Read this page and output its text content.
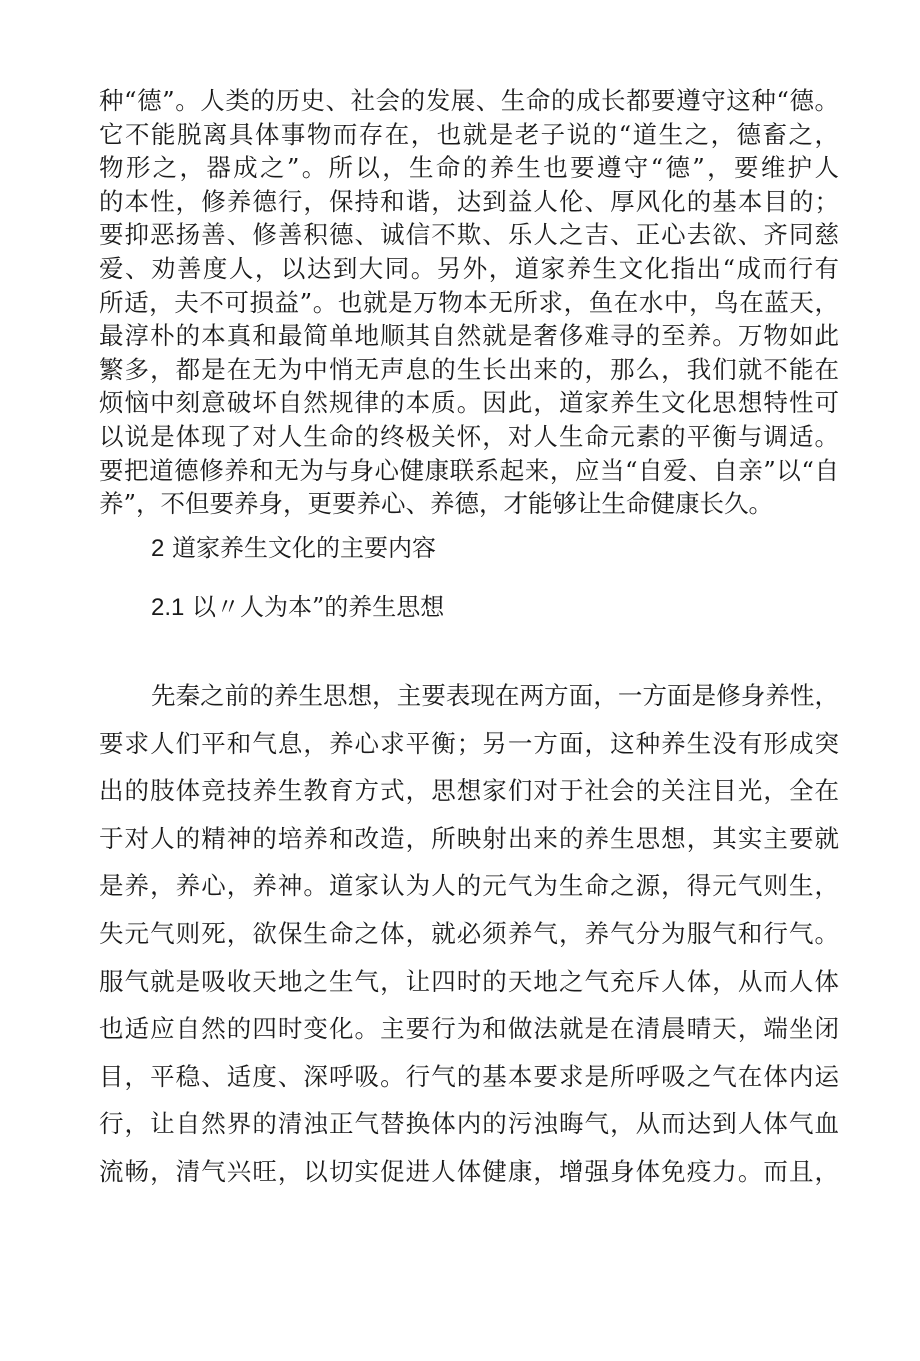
种“德”。人类的历史、社会的发展、生命的成长都要遵守这种“德。
它不能脱离具体事物而存在，也就是老子说的“道生之，德畜之，
物形之，器成之”。所以，生命的养生也要遵守“德”，要维护人
的本性，修养德行，保持和谐，达到益人伦、厚风化的基本目的；
要抑恶扬善、修善积德、诚信不欺、乐人之吉、正心去欲、齐同慈
爱、劝善度人，以达到大同。另外，道家养生文化指出“成而行有
所适，夫不可损益”。也就是万物本无所求，鱼在水中，鸟在蓝天，
最淳朴的本真和最简单地顺其自然就是奢侈难寻的至养。万物如此
繁多，都是在无为中悄无声息的生长出来的，那么，我们就不能在
烦恼中刻意破坏自然规律的本质。因此，道家养生文化思想特性可
以说是体现了对人生命的终极关怀，对人生命元素的平衡与调适。
要把道德修养和无为与身心健康联系起来，应当“自爱、自亲”以“自
养”，不但要养身，更要养心、养德，才能够让生命健康长久。
2 道家养生文化的主要内容
2.1 以〃人为本”的养生思想
先秦之前的养生思想，主要表现在两方面，一方面是修身养性，
要求人们平和气息，养心求平衡；另一方面，这种养生没有形成突
出的肢体竞技养生教育方式，思想家们对于社会的关注目光，全在
于对人的精神的培养和改造，所映射出来的养生思想，其实主要就
是养，养心，养神。道家认为人的元气为生命之源，得元气则生，
失元气则死，欲保生命之体，就必须养气，养气分为服气和行气。
服气就是吸收天地之生气，让四时的天地之气充斥人体，从而人体
也适应自然的四时变化。主要行为和做法就是在清晨晴天，端坐闭
目，平稳、适度、深呼吸。行气的基本要求是所呼吸之气在体内运
行，让自然界的清浊正气替换体内的污浊晦气，从而达到人体气血
流畅，清气兴旺，以切实促进人体健康，增强身体免疫力。而且，
